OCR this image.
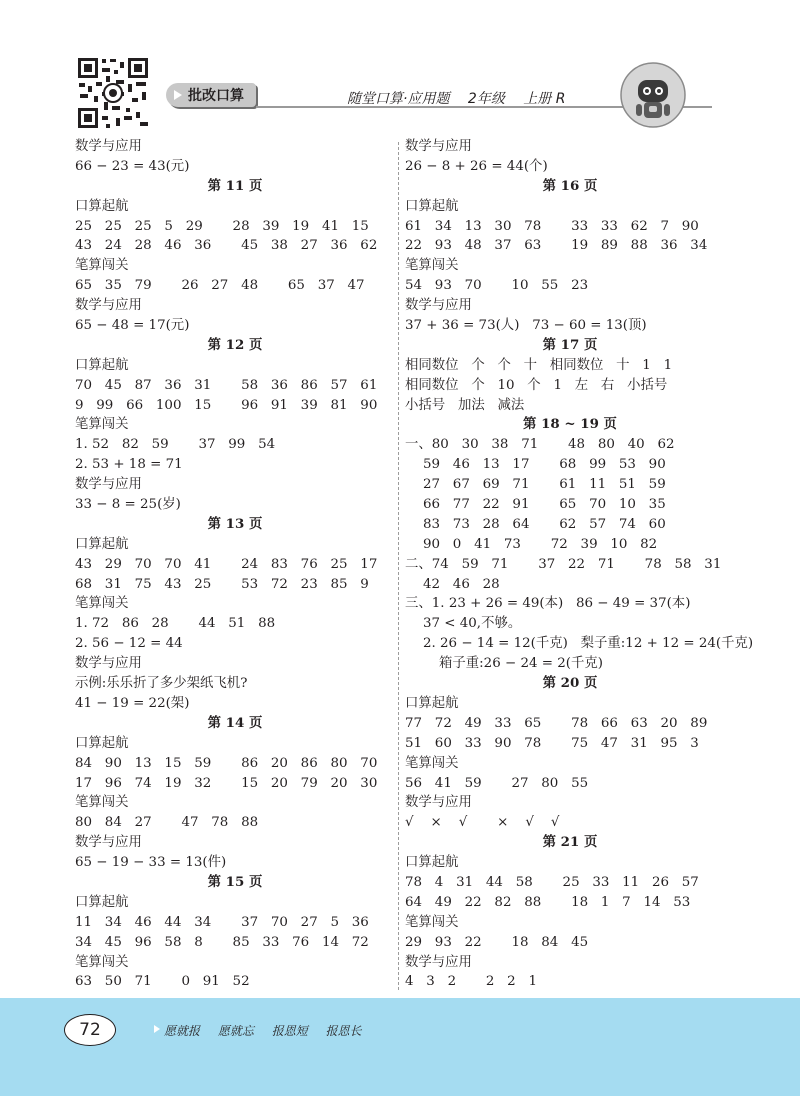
批改口算	随堂口算·应用题 2年级 上册 R
数学与应用
66 − 23 = 43(元)
第 11 页
口算起航
25   25   25   5   29       28   39   19   41   15
43   24   28   46   36       45   38   27   36   62
笔算闯关
65   35   79       26   27   48       65   37   47
数学与应用
65 − 48 = 17(元)
第 12 页
口算起航
70   45   87   36   31       58   36   86   57   61
9   99   66   100   15       96   91   39   81   90
笔算闯关
1. 52   82   59       37   99   54
2. 53 + 18 = 71
数学与应用
33 − 8 = 25(岁)
第 13 页
口算起航
43   29   70   70   41       24   83   76   25   17
68   31   75   43   25       53   72   23   85   9
笔算闯关
1. 72   86   28       44   51   88
2. 56 − 12 = 44
数学与应用
示例:乐乐折了多少架纸飞机?
41 − 19 = 22(架)
第 14 页
口算起航
84   90   13   15   59       86   20   86   80   70
17   96   74   19   32       15   20   79   20   30
笔算闯关
80   84   27       47   78   88
数学与应用
65 − 19 − 33 = 13(件)
第 15 页
口算起航
11   34   46   44   34       37   70   27   5   36
34   45   96   58   8       85   33   76   14   72
笔算闯关
63   50   71       0   91   52
数学与应用
26 − 8 + 26 = 44(个)
第 16 页
口算起航
61   34   13   30   78       33   33   62   7   90
22   93   48   37   63       19   89   88   36   34
笔算闯关
54   93   70       10   55   23
数学与应用
37 + 36 = 73(人)   73 − 60 = 13(顶)
第 17 页
相同数位   个   个   十   相同数位   十   1   1
相同数位   个   10   个   1   左   右   小括号
小括号   加法   减法
第 18 ~ 19 页
一、80   30   38   71       48   80   40   62
59   46   13   17       68   99   53   90
27   67   69   71       61   11   51   59
66   77   22   91       65   70   10   35
83   73   28   64       62   57   74   60
90   0   41   73       72   39   10   82
二、74   59   71       37   22   71       78   58   31
42   46   28
三、1. 23 + 26 = 49(本)   86 − 49 = 37(本)
37 < 40,不够。
2. 26 − 14 = 12(千克)   梨子重:12 + 12 = 24(千克)
箱子重:26 − 24 = 2(千克)
第 20 页
口算起航
77   72   49   33   65       78   66   63   20   89
51   60   33   90   78       75   47   31   95   3
笔算闯关
56   41   59       27   80   55
数学与应用
√    ×    √       ×    √    √
第 21 页
口算起航
78   4   31   44   58       25   33   11   26   57
64   49   22   82   88       18   1   7   14   53
笔算闯关
29   93   22       18   84   45
数学与应用
4   3   2       2   2   1
72	愿就报 愿就忘 报恩短 报恩长
